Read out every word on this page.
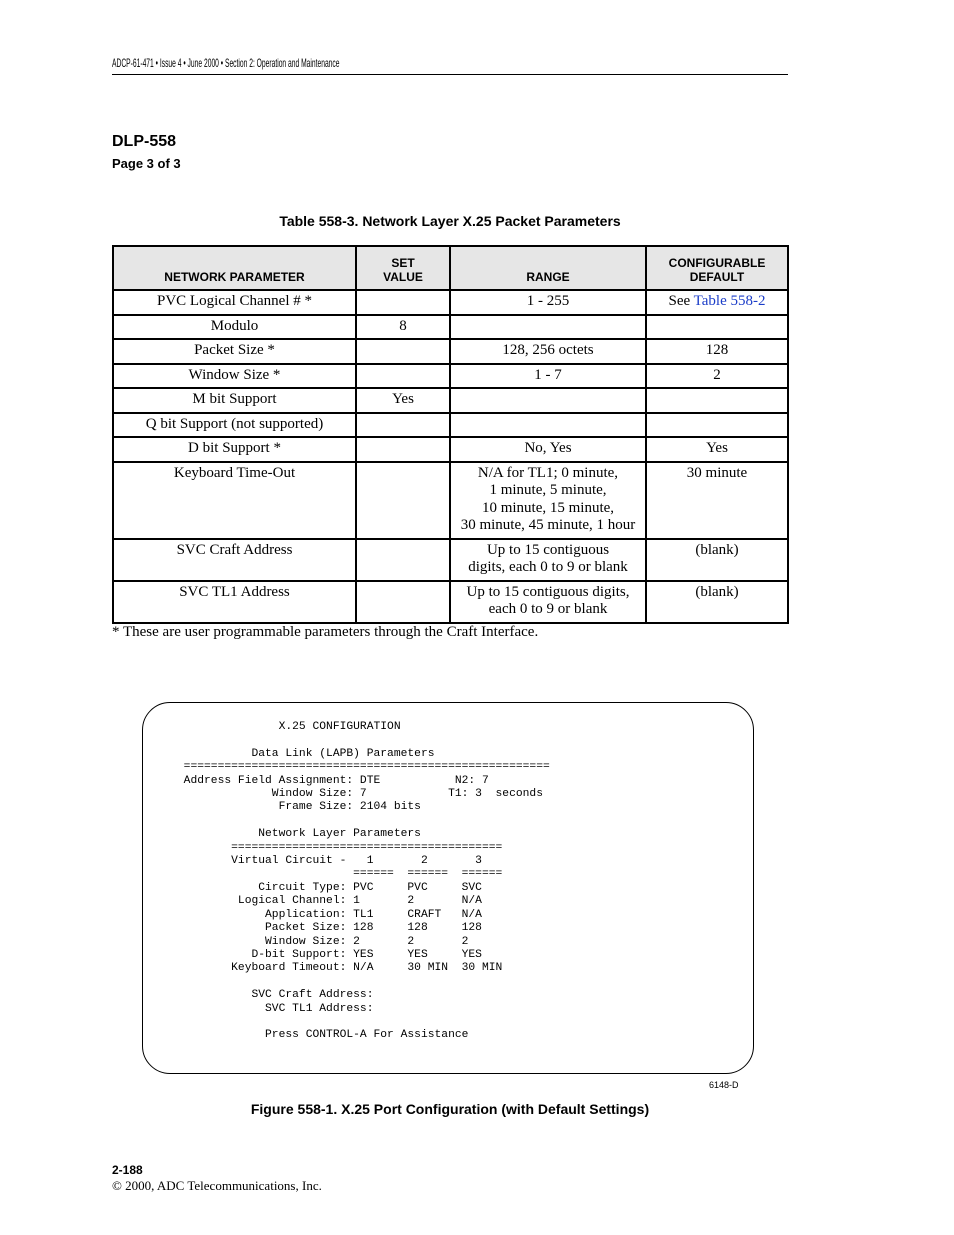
ADCP-61-471 • Issue 4 • June 2000 • Section 2: Operation and Maintenance
DLP-558
Page 3 of 3
Table 558-3. Network Layer X.25 Packet Parameters
NETWORK PARAMETER	SET VALUE	RANGE	CONFIGURABLE DEFAULT
PVC Logical Channel # *		1 - 255	See Table 558-2
Modulo	8		
Packet Size *		128, 256 octets	128
Window Size *		1 - 7	2
M bit Support	Yes		
Q bit Support (not supported)			
D bit Support *		No, Yes	Yes
Keyboard Time-Out		N/A for TL1; 0 minute,
1 minute, 5 minute,
10 minute, 15 minute,
30 minute, 45 minute, 1 hour	30 minute
SVC Craft Address		Up to 15 contiguous
digits, each 0 to 9 or blank	(blank)
SVC TL1 Address		Up to 15 contiguous digits,
each 0 to 9 or blank	(blank)
* These are user programmable parameters through the Craft Interface.
X.25 CONFIGURATION

Data Link (LAPB) Parameters
======================================================
Address Field Assignment: DTE           N2: 7
Window Size: 7            T1: 3  seconds
Frame Size: 2104 bits

Network Layer Parameters
========================================
Virtual Circuit -   1       2       3
======  ======  ======
Circuit Type: PVC     PVC     SVC
Logical Channel: 1       2       N/A
Application: TL1     CRAFT   N/A
Packet Size: 128     128     128
Window Size: 2       2       2
D-bit Support: YES     YES     YES
Keyboard Timeout: N/A     30 MIN  30 MIN

SVC Craft Address:
SVC TL1 Address:

Press CONTROL-A For Assistance
6148-D
Figure 558-1. X.25 Port Configuration (with Default Settings)
2-188
© 2000, ADC Telecommunications, Inc.
